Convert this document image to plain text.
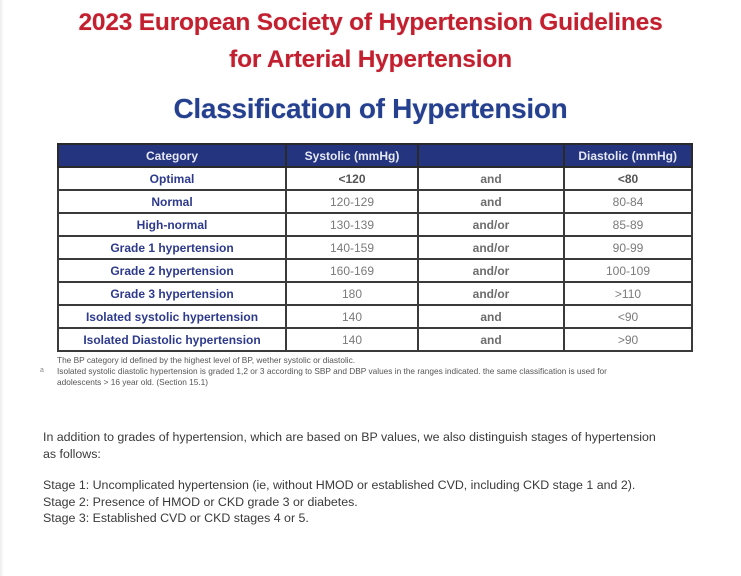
2023 European Society of Hypertension Guidelines
for Arterial Hypertension
Classification of Hypertension
Category	Systolic (mmHg)		Diastolic (mmHg)
Optimal	<120	and	<80
Normal	120-129	and	80-84
High-normal	130-139	and/or	85-89
Grade 1 hypertension	140-159	and/or	90-99
Grade 2 hypertension	160-169	and/or	100-109
Grade 3 hypertension	180	and/or	>110
Isolated systolic hypertension	140	and	<90
Isolated Diastolic hypertension	140	and	>90
a
The BP category id defined by the highest level of BP, wether systolic or diastolic.
Isolated systolic diastolic hypertension is graded 1,2 or 3 according to SBP and DBP values in the ranges indicated. the same classification is used for
adolescents > 16 year old. (Section 15.1)
In addition to grades of hypertension, which are based on BP values, we also distinguish stages of hypertension
as follows:
Stage 1: Uncomplicated hypertension (ie, without HMOD or established CVD, including CKD stage 1 and 2).
Stage 2: Presence of HMOD or CKD grade 3 or diabetes.
Stage 3: Established CVD or CKD stages 4 or 5.
